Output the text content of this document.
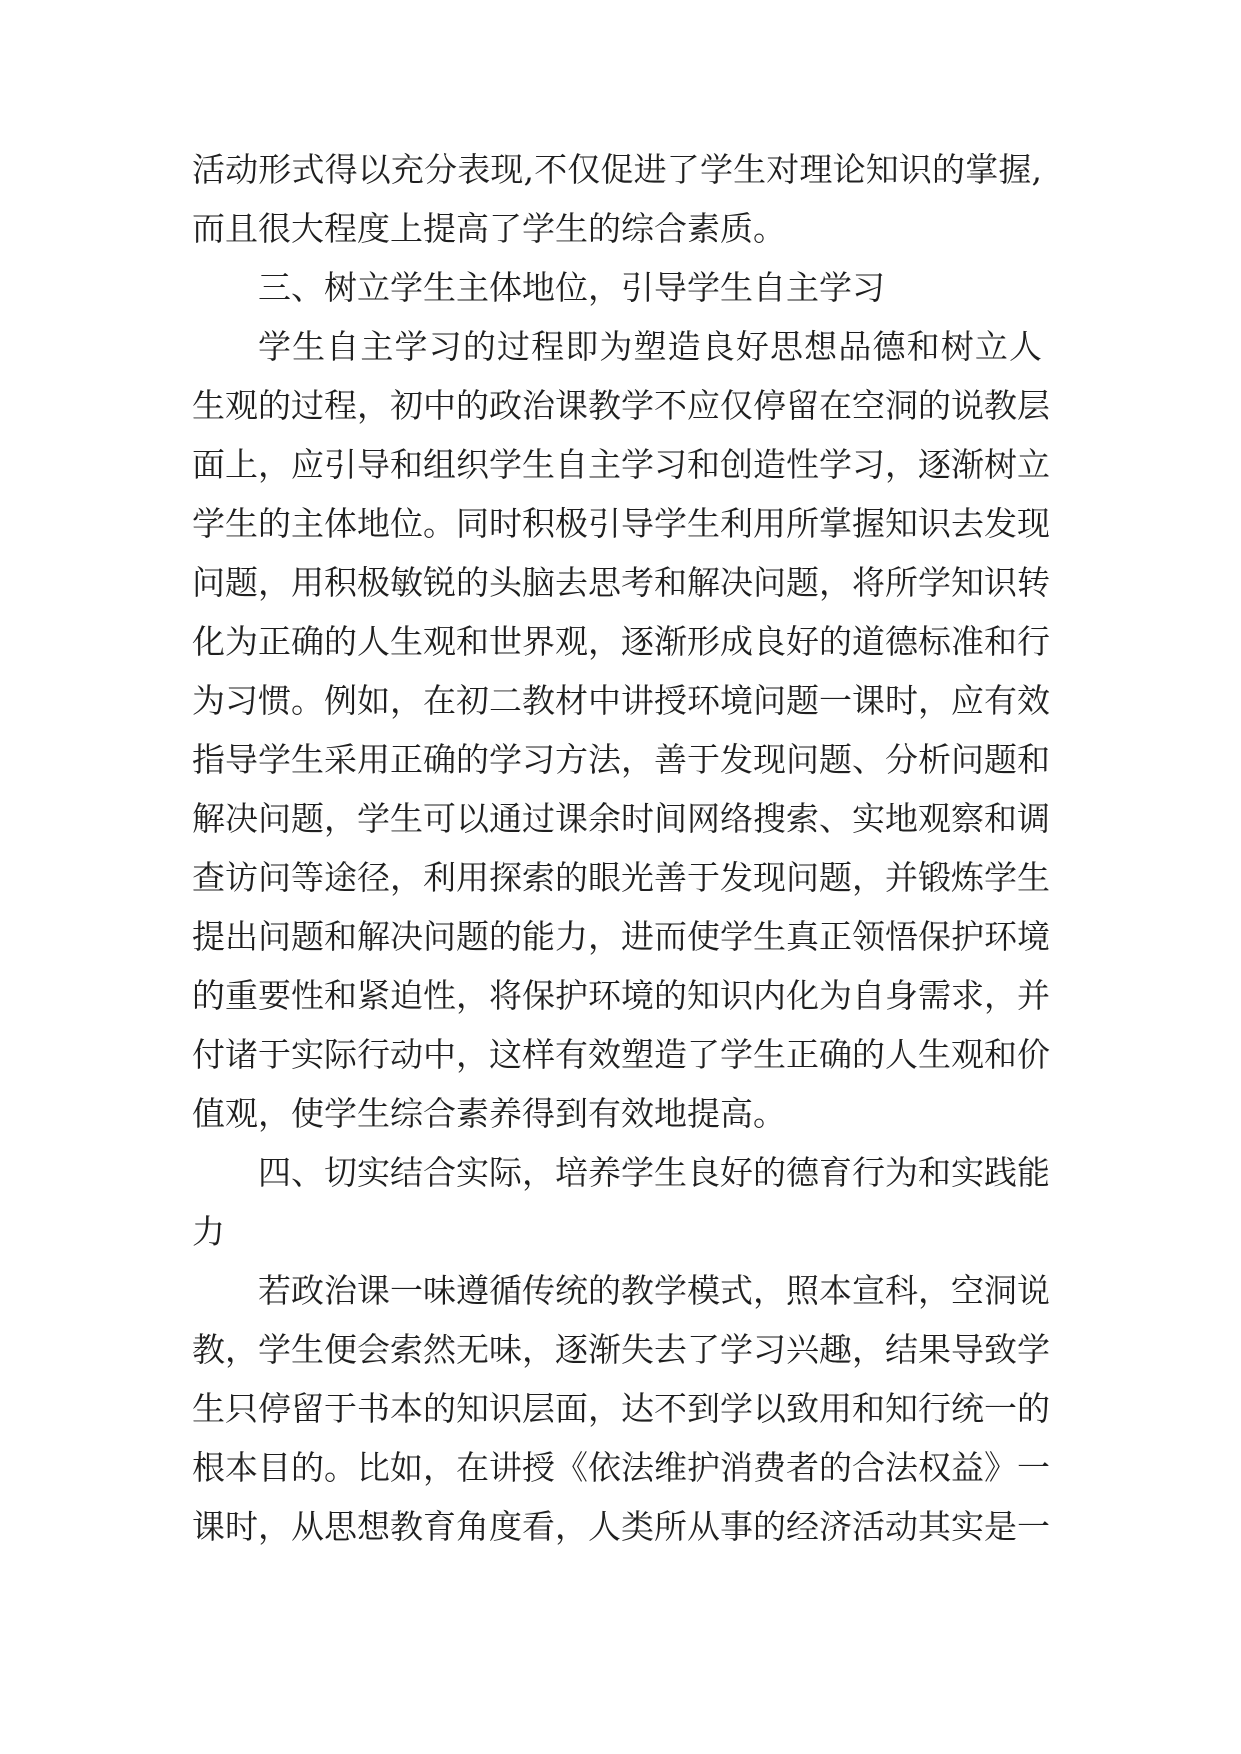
活动形式得以充分表现,不仅促进了学生对理论知识的掌握,
而且很大程度上提高了学生的综合素质。
三、树立学生主体地位，引导学生自主学习
学生自主学习的过程即为塑造良好思想品德和树立人
生观的过程，初中的政治课教学不应仅停留在空洞的说教层
面上，应引导和组织学生自主学习和创造性学习，逐渐树立
学生的主体地位。同时积极引导学生利用所掌握知识去发现
问题，用积极敏锐的头脑去思考和解决问题，将所学知识转
化为正确的人生观和世界观，逐渐形成良好的道德标准和行
为习惯。例如，在初二教材中讲授环境问题一课时，应有效
指导学生采用正确的学习方法，善于发现问题、分析问题和
解决问题，学生可以通过课余时间网络搜索、实地观察和调
查访问等途径，利用探索的眼光善于发现问题，并锻炼学生
提出问题和解决问题的能力，进而使学生真正领悟保护环境
的重要性和紧迫性，将保护环境的知识内化为自身需求，并
付诸于实际行动中，这样有效塑造了学生正确的人生观和价
值观，使学生综合素养得到有效地提高。
四、切实结合实际，培养学生良好的德育行为和实践能
力
若政治课一味遵循传统的教学模式，照本宣科，空洞说
教，学生便会索然无味，逐渐失去了学习兴趣，结果导致学
生只停留于书本的知识层面，达不到学以致用和知行统一的
根本目的。比如，在讲授《依法维护消费者的合法权益》一
课时，从思想教育角度看，人类所从事的经济活动其实是一
